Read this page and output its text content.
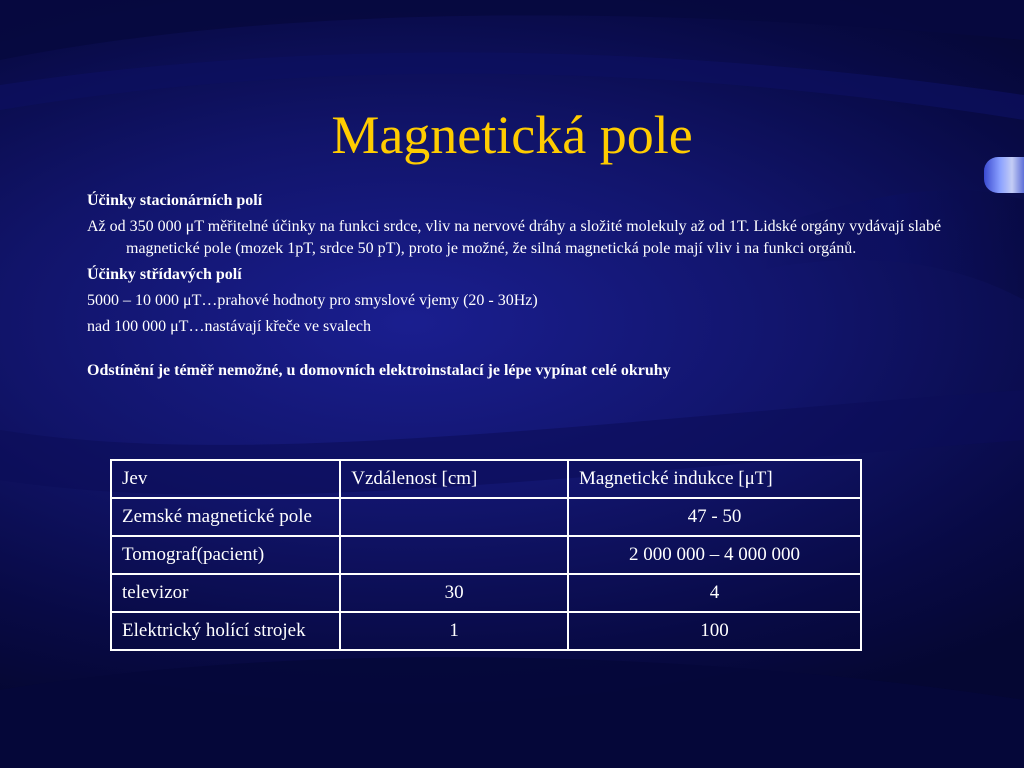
Magnetická pole

Účinky stacionárních polí

Až od 350 000 μT měřitelné účinky na funkci srdce, vliv na nervové dráhy a složité molekuly až od 1T. Lidské orgány vydávají slabé magnetické pole (mozek 1pT, srdce 50 pT), proto je možné, že silná magnetická pole mají vliv i na funkci orgánů.

Účinky střídavých polí

5000 – 10 000 μT…prahové hodnoty pro smyslové vjemy (20 - 30Hz)

nad 100 000 μT…nastávají křeče ve svalech

Odstínění je téměř nemožné, u domovních elektroinstalací je lépe vypínat celé okruhy

Jev	Vzdálenost [cm]	Magnetické indukce [μT]
Zemské magnetické pole		47 - 50
Tomograf(pacient)		2 000 000 – 4 000 000
televizor	30	4
Elektrický holící strojek	1	100
